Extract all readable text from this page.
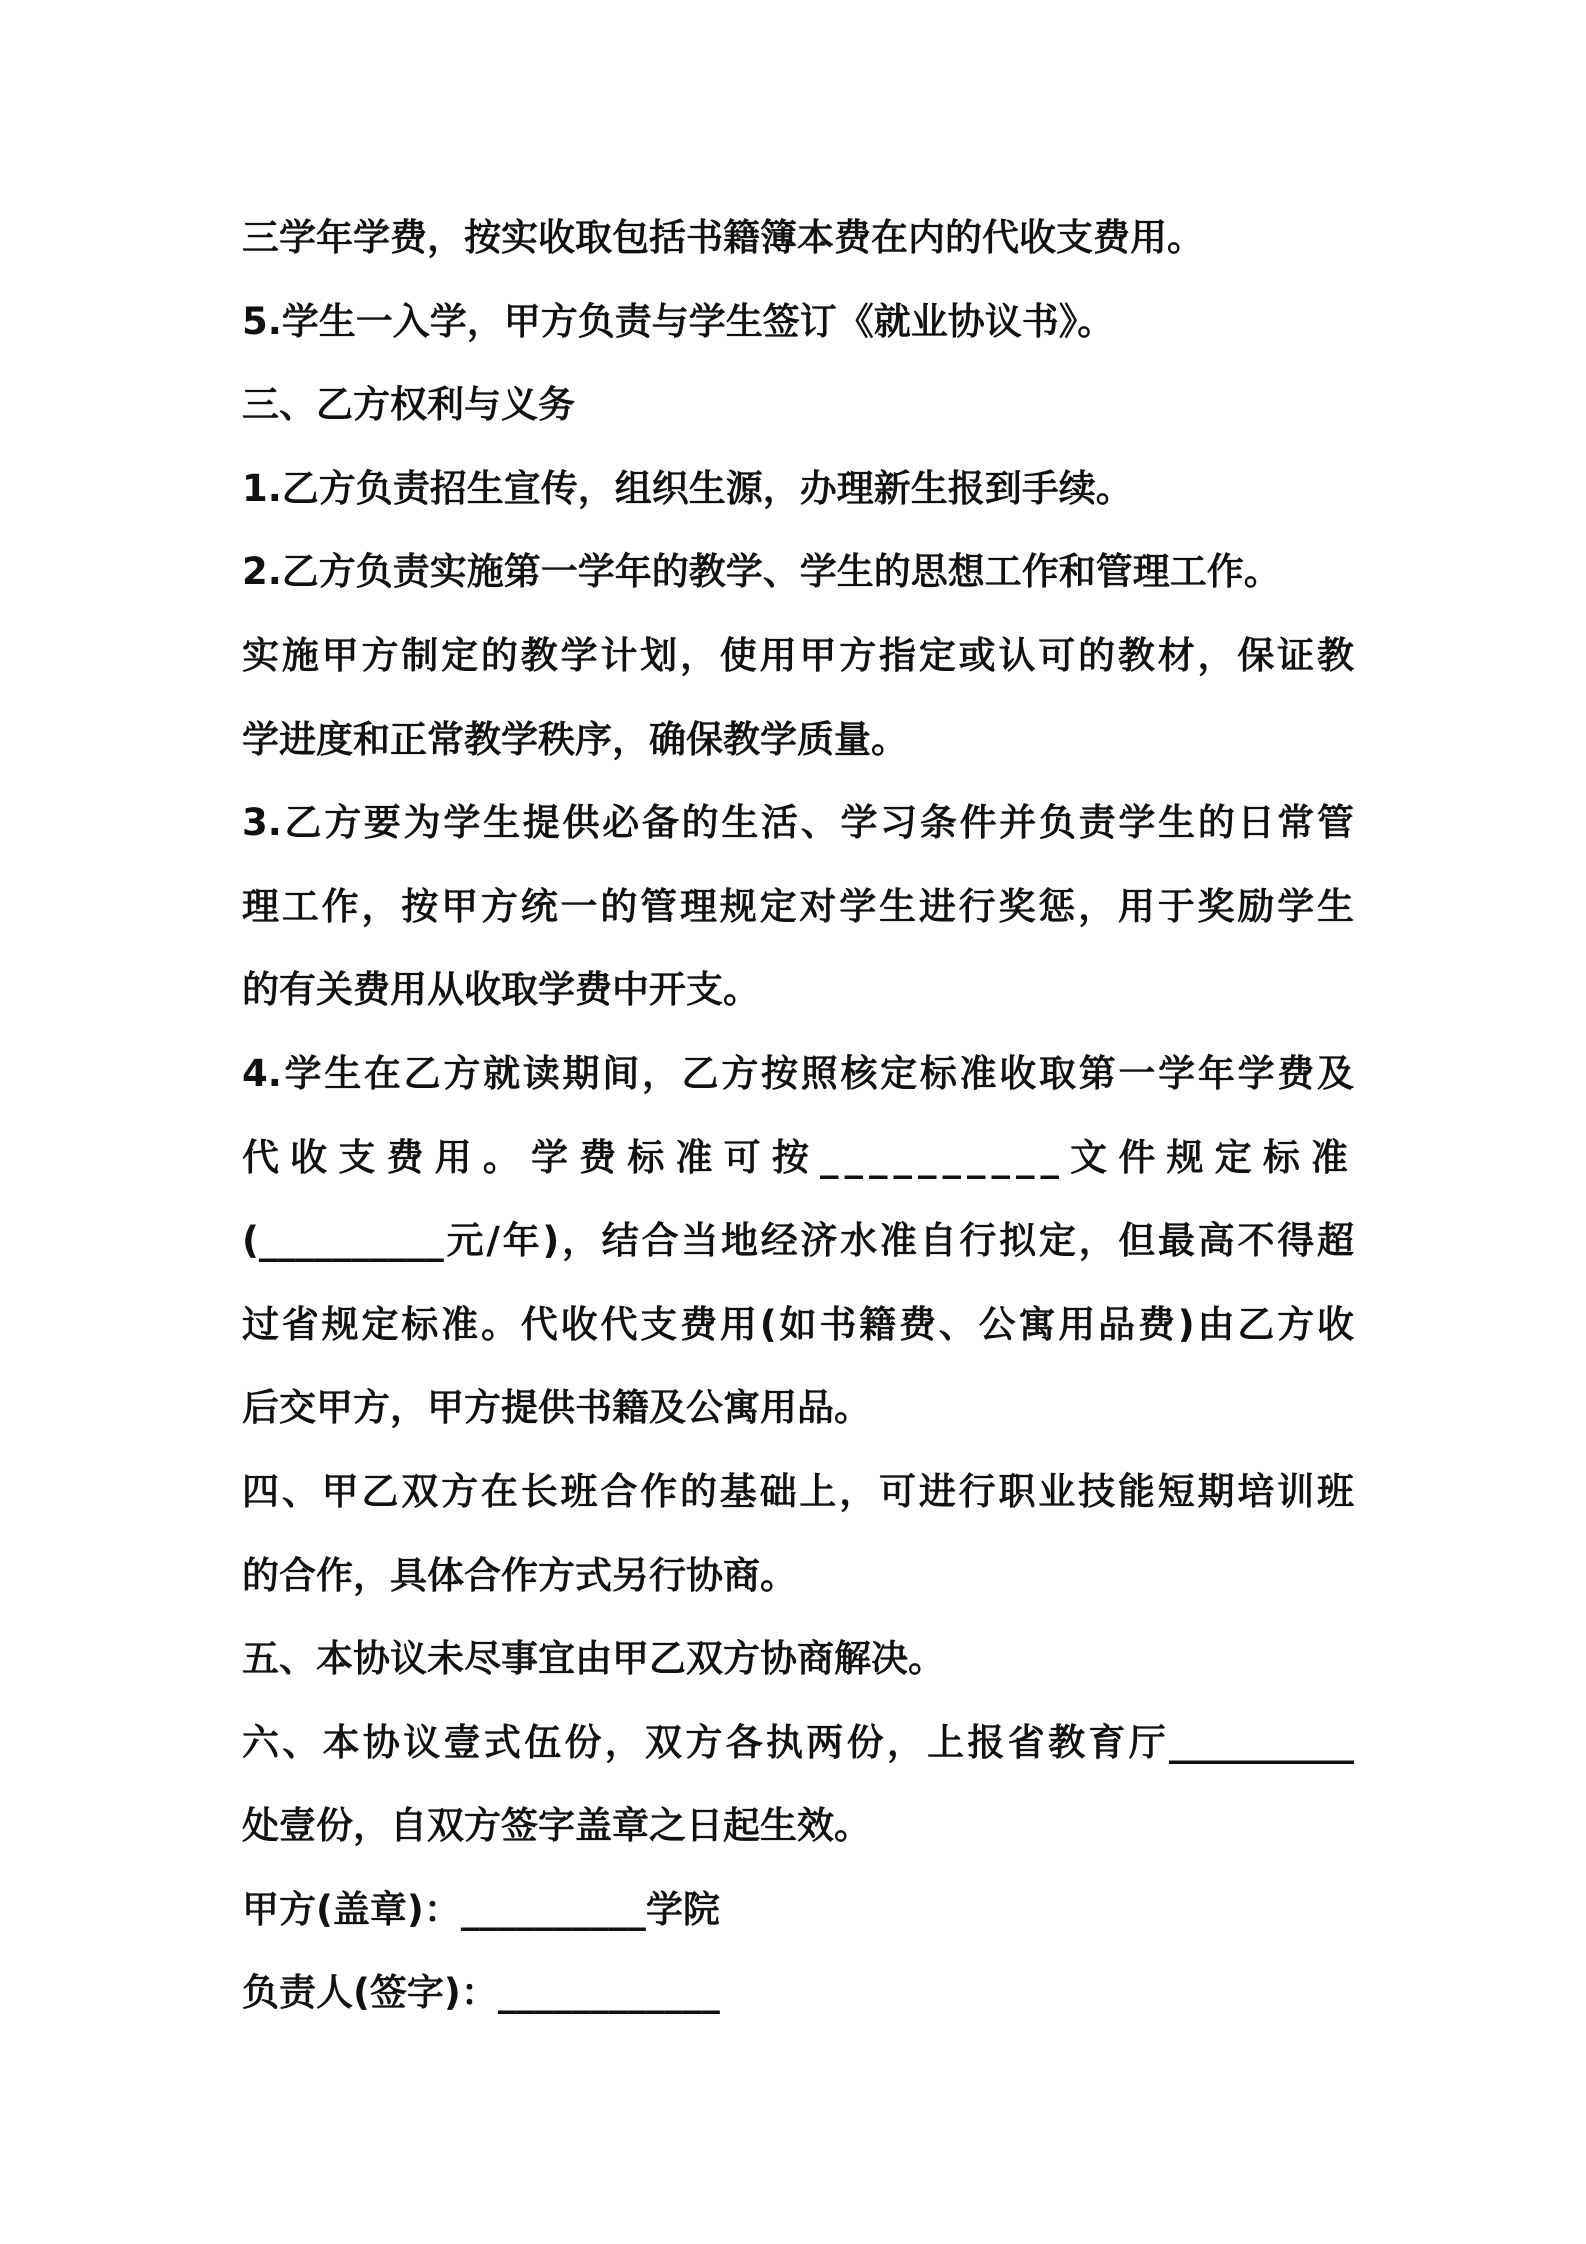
三学年学费，按实收取包括书籍簿本费在内的代收支费用。
5.学生一入学，甲方负责与学生签订《就业协议书》。
三、乙方权利与义务
1.乙方负责招生宣传，组织生源，办理新生报到手续。
2.乙方负责实施第一学年的教学、学生的思想工作和管理工作。
实施甲方制定的教学计划，使用甲方指定或认可的教材，保证教
学进度和正常教学秩序，确保教学质量。
3.乙方要为学生提供必备的生活、学习条件并负责学生的日常管
理工作，按甲方统一的管理规定对学生进行奖惩，用于奖励学生
的有关费用从收取学费中开支。
4.学生在乙方就读期间，乙方按照核定标准收取第一学年学费及
代收支费用。学费标准可按__________文件规定标准
(__________元/年)，结合当地经济水准自行拟定，但最高不得超
过省规定标准。代收代支费用(如书籍费、公寓用品费)由乙方收
后交甲方，甲方提供书籍及公寓用品。
四、甲乙双方在长班合作的基础上，可进行职业技能短期培训班
的合作，具体合作方式另行协商。
五、本协议未尽事宜由甲乙双方协商解决。
六、本协议壹式伍份，双方各执两份，上报省教育厅__________
处壹份，自双方签字盖章之日起生效。
甲方(盖章)：__________学院
负责人(签字)：____________
